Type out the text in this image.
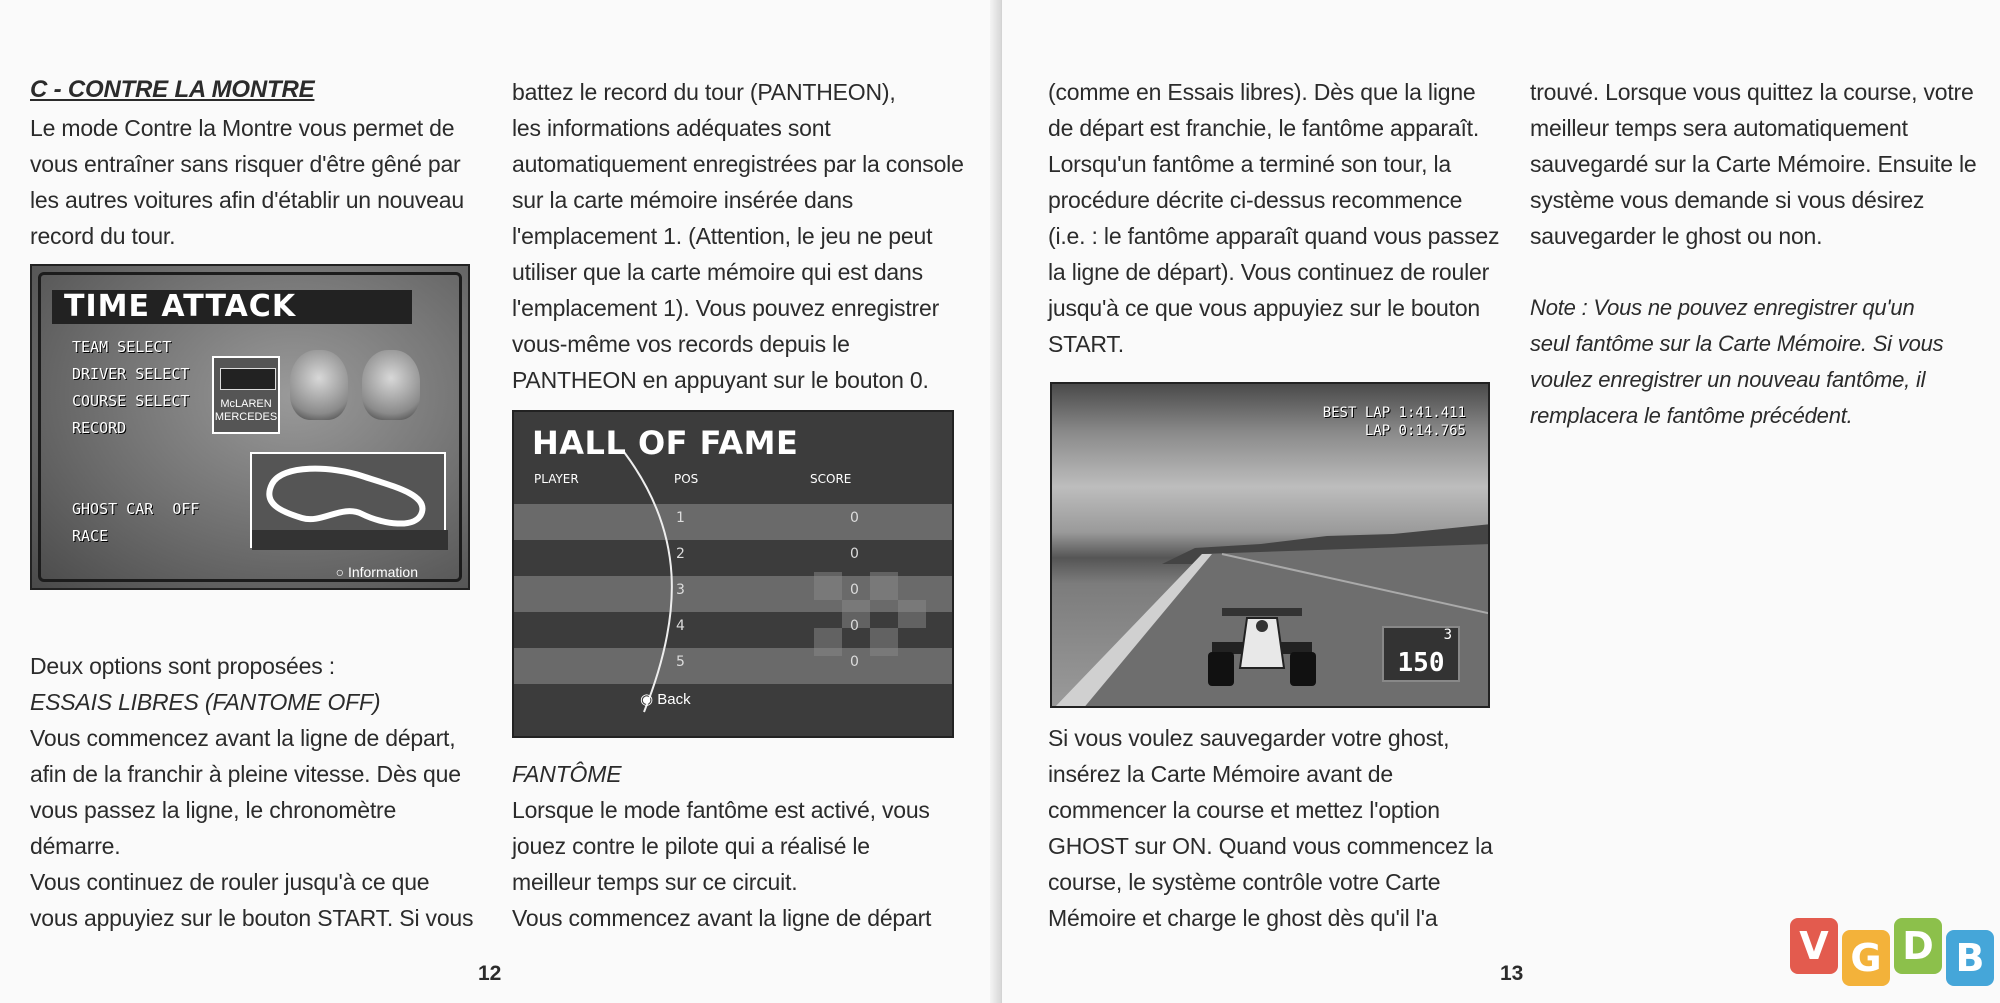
C - CONTRE LA MONTRE

Le mode Contre la Montre vous permet de

vous entraîner sans risquer d'être gêné par

les autres voitures afin d'établir un nouveau

record du tour.

Deux options sont proposées :

ESSAIS LIBRES (FANTOME OFF)

Vous commencez avant la ligne de départ,

afin de la franchir à pleine vitesse. Dès que

vous passez la ligne, le chronomètre

démarre.

Vous continuez de rouler jusqu'à ce que

vous appuyiez sur le bouton START. Si vous

battez le record du tour (PANTHEON),

les informations adéquates sont

automatiquement enregistrées par la console

sur la carte mémoire insérée dans

l'emplacement 1. (Attention, le jeu ne peut

utiliser que la carte mémoire qui est dans

l'emplacement 1). Vous pouvez enregistrer

vous-même vos records depuis le

PANTHEON en appuyant sur le bouton 0.

FANTÔME

Lorsque le mode fantôme est activé, vous

jouez contre le pilote qui a réalisé le

meilleur temps sur ce circuit.

Vous commencez avant la ligne de départ

TIME ATTACK
TEAM SELECT
DRIVER SELECT
COURSE SELECT
RECORD
GHOST CAR OFF
RACE
McLAREN
MERCEDES
○ Information
HALL OF FAME
PLAYER	POS	SCORE
1
2
3
4
5
0
0
0
0
0
◉ Back
12

(comme en Essais libres). Dès que la ligne

de départ est franchie, le fantôme apparaît.

Lorsqu'un fantôme a terminé son tour, la

procédure décrite ci-dessus recommence

(i.e. : le fantôme apparaît quand vous passez

la ligne de départ). Vous continuez de rouler

jusqu'à ce que vous appuyiez sur le bouton

START.

Si vous voulez sauvegarder votre ghost,

insérez la Carte Mémoire avant de

commencer la course et mettez l'option

GHOST sur ON. Quand vous commencez la

course, le système contrôle votre Carte

Mémoire et charge le ghost dès qu'il l'a

trouvé. Lorsque vous quittez la course, votre

meilleur temps sera automatiquement

sauvegardé sur la Carte Mémoire. Ensuite le

système vous demande si vous désirez

sauvegarder le ghost ou non.

Note : Vous ne pouvez enregistrer qu'un

seul fantôme sur la Carte Mémoire. Si vous

voulez enregistrer un nouveau fantôme, il

remplacera le fantôme précédent.

BEST LAP 1:41.411
LAP 0:14.765
3
150
13
V G D B
